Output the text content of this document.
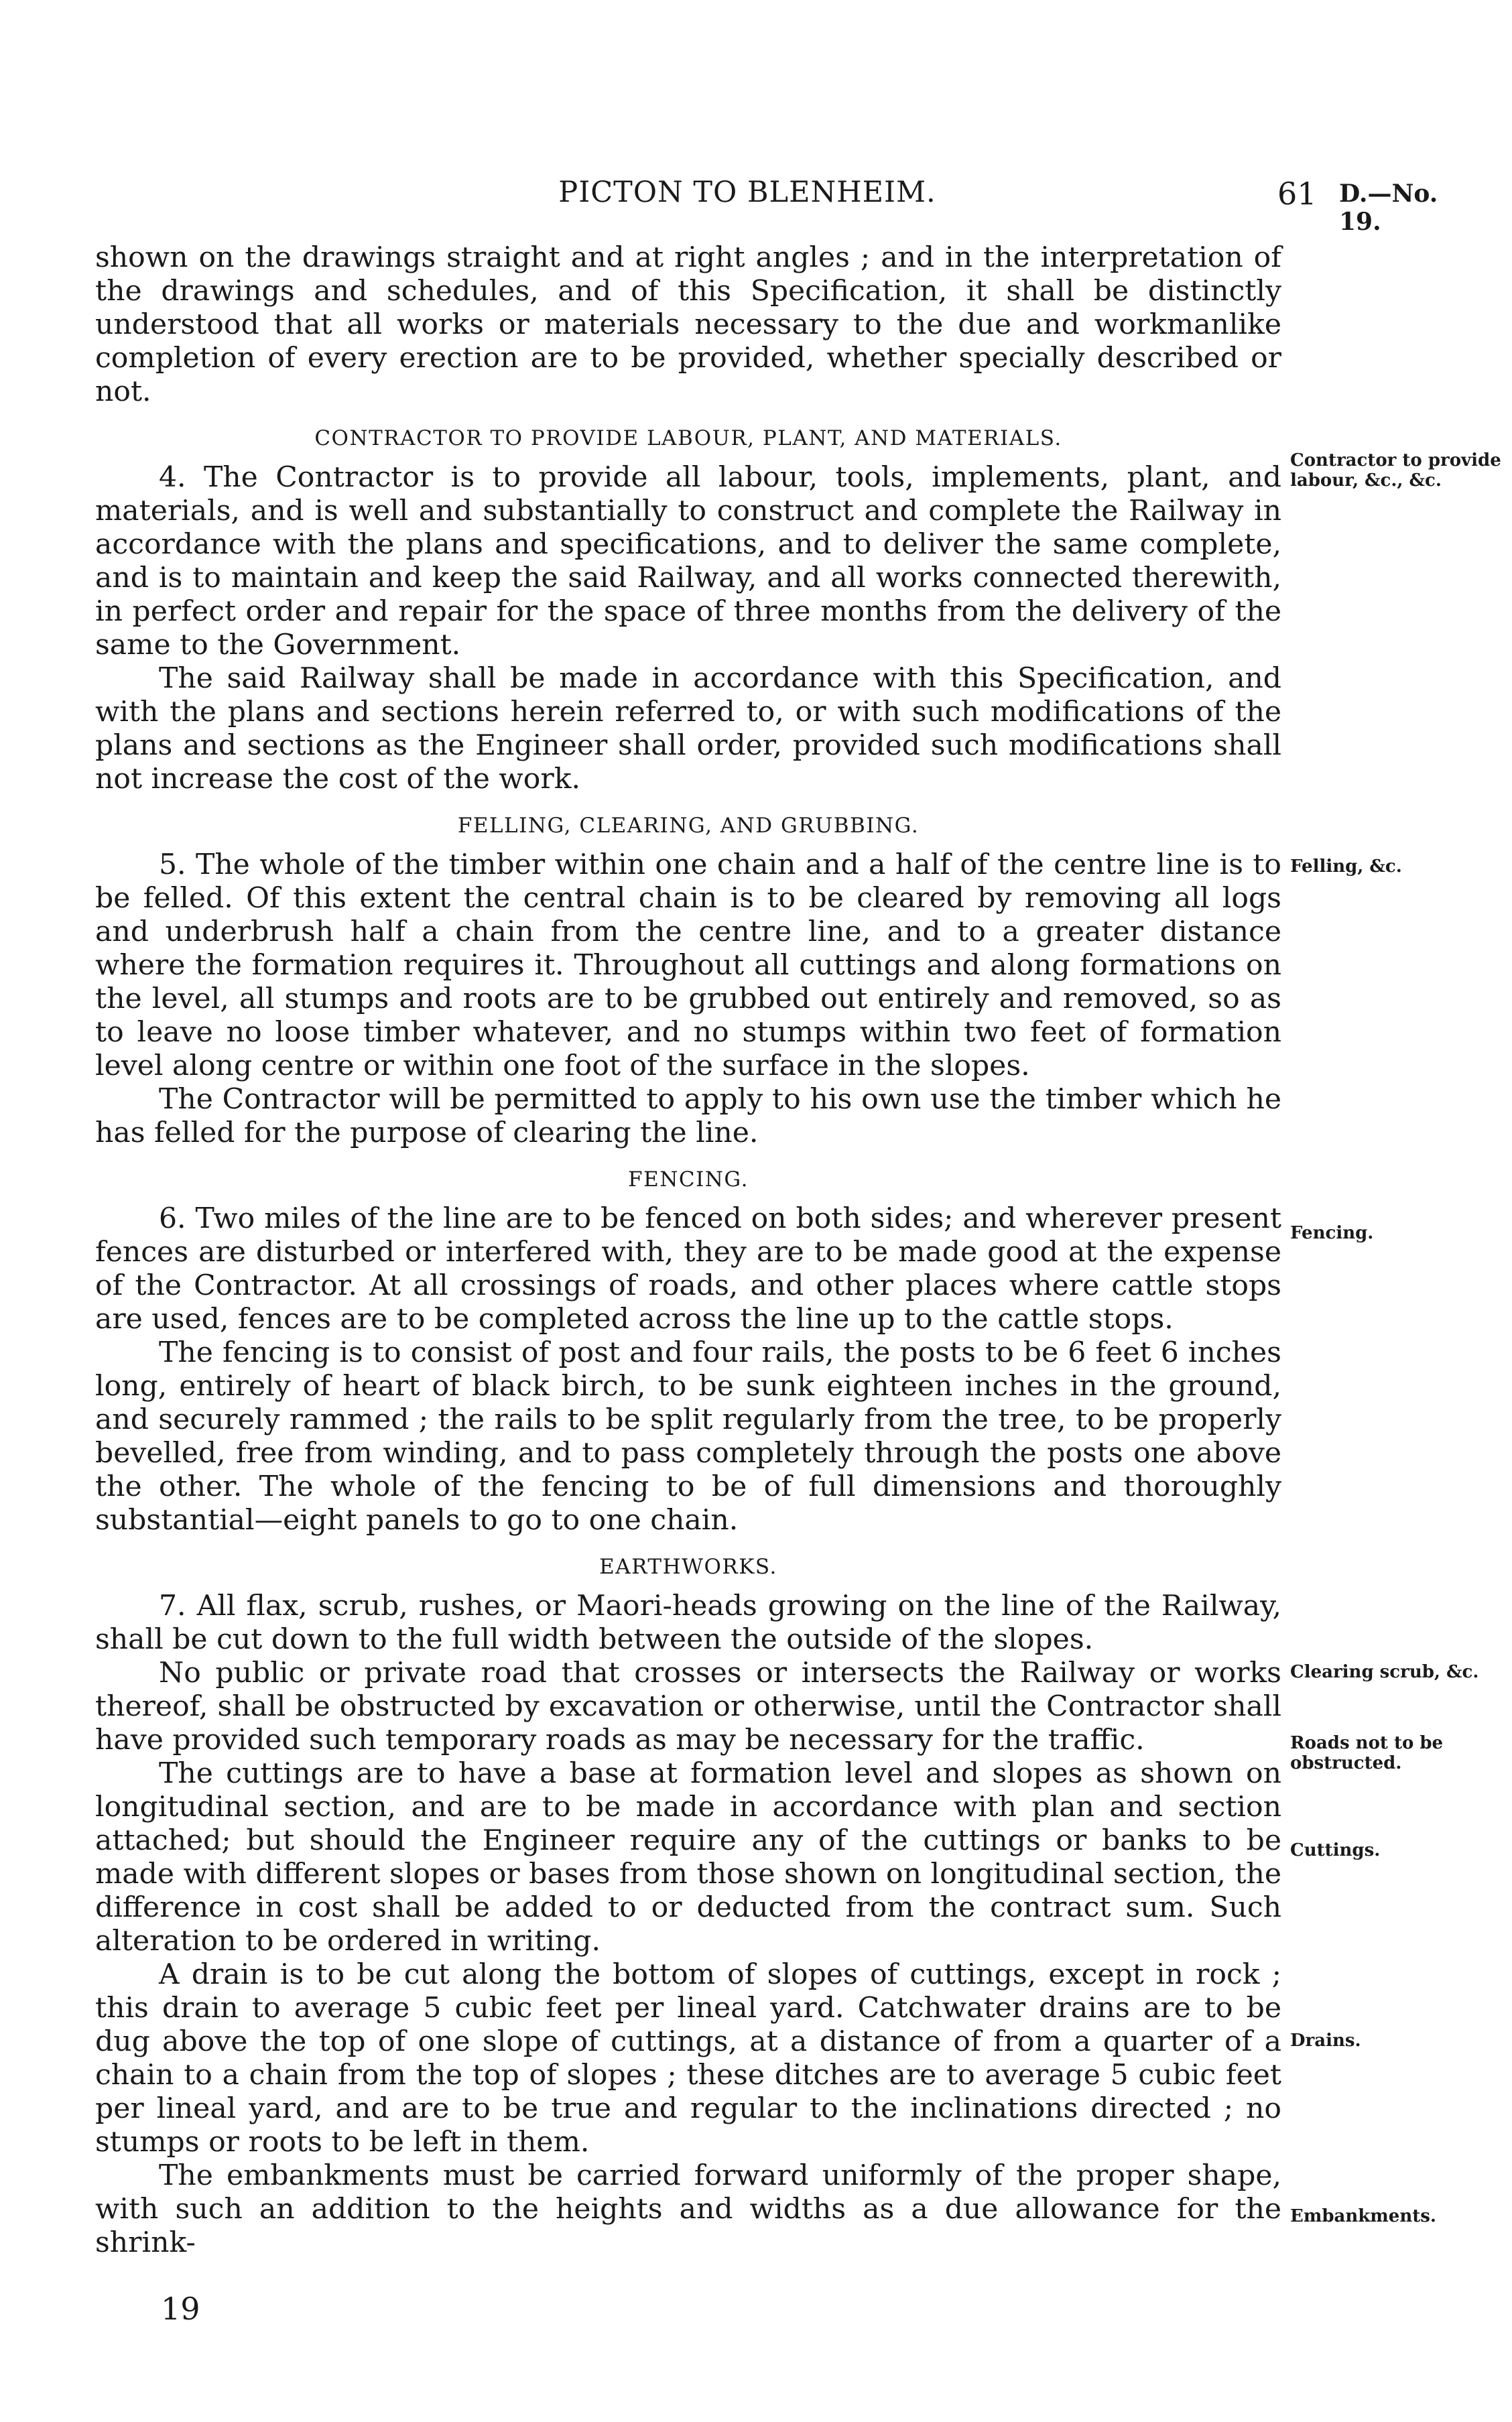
PICTON TO BLENHEIM.	61 D.—No. 19.

shown on the drawings straight and at right angles ; and in the interpretation of the drawings and schedules, and of this Specification, it shall be distinctly understood that all works or materials necessary to the due and workmanlike completion of every erection are to be provided, whether specially described or not.

CONTRACTOR TO PROVIDE LABOUR, PLANT, AND MATERIALS.

4. The Contractor is to provide all labour, tools, implements, plant, and materials, and is well and substantially to construct and complete the Railway in accordance with the plans and specifications, and to deliver the same complete, and is to maintain and keep the said Railway, and all works connected therewith, in perfect order and repair for the space of three months from the delivery of the same to the Government.

The said Railway shall be made in accordance with this Specification, and with the plans and sections herein referred to, or with such modifications of the plans and sections as the Engineer shall order, provided such modifications shall not increase the cost of the work.

FELLING, CLEARING, AND GRUBBING.

5. The whole of the timber within one chain and a half of the centre line is to be felled. Of this extent the central chain is to be cleared by removing all logs and underbrush half a chain from the centre line, and to a greater distance where the formation requires it. Throughout all cuttings and along formations on the level, all stumps and roots are to be grubbed out entirely and removed, so as to leave no loose timber whatever, and no stumps within two feet of formation level along centre or within one foot of the surface in the slopes.

The Contractor will be permitted to apply to his own use the timber which he has felled for the purpose of clearing the line.

FENCING.

6. Two miles of the line are to be fenced on both sides; and wherever present fences are disturbed or interfered with, they are to be made good at the expense of the Contractor. At all crossings of roads, and other places where cattle stops are used, fences are to be completed across the line up to the cattle stops.

The fencing is to consist of post and four rails, the posts to be 6 feet 6 inches long, entirely of heart of black birch, to be sunk eighteen inches in the ground, and securely rammed ; the rails to be split regularly from the tree, to be properly bevelled, free from winding, and to pass completely through the posts one above the other. The whole of the fencing to be of full dimensions and thoroughly substantial—eight panels to go to one chain.

EARTHWORKS.

7. All flax, scrub, rushes, or Maori-heads growing on the line of the Railway, shall be cut down to the full width between the outside of the slopes.

No public or private road that crosses or intersects the Railway or works thereof, shall be obstructed by excavation or otherwise, until the Contractor shall have provided such temporary roads as may be necessary for the traffic.

The cuttings are to have a base at formation level and slopes as shown on longitudinal section, and are to be made in accordance with plan and section attached; but should the Engineer require any of the cuttings or banks to be made with different slopes or bases from those shown on longitudinal section, the difference in cost shall be added to or deducted from the contract sum. Such alteration to be ordered in writing.

A drain is to be cut along the bottom of slopes of cuttings, except in rock ; this drain to average 5 cubic feet per lineal yard. Catchwater drains are to be dug above the top of one slope of cuttings, at a distance of from a quarter of a chain to a chain from the top of slopes ; these ditches are to average 5 cubic feet per lineal yard, and are to be true and regular to the inclinations directed ; no stumps or roots to be left in them.

The embankments must be carried forward uniformly of the proper shape, with such an addition to the heights and widths as a due allowance for the shrink-

Contractor to provide labour, &c., &c.
Felling, &c.
Fencing.
Clearing scrub, &c.
Roads not to be obstructed.
Cuttings.
Drains.
Embankments.
19
